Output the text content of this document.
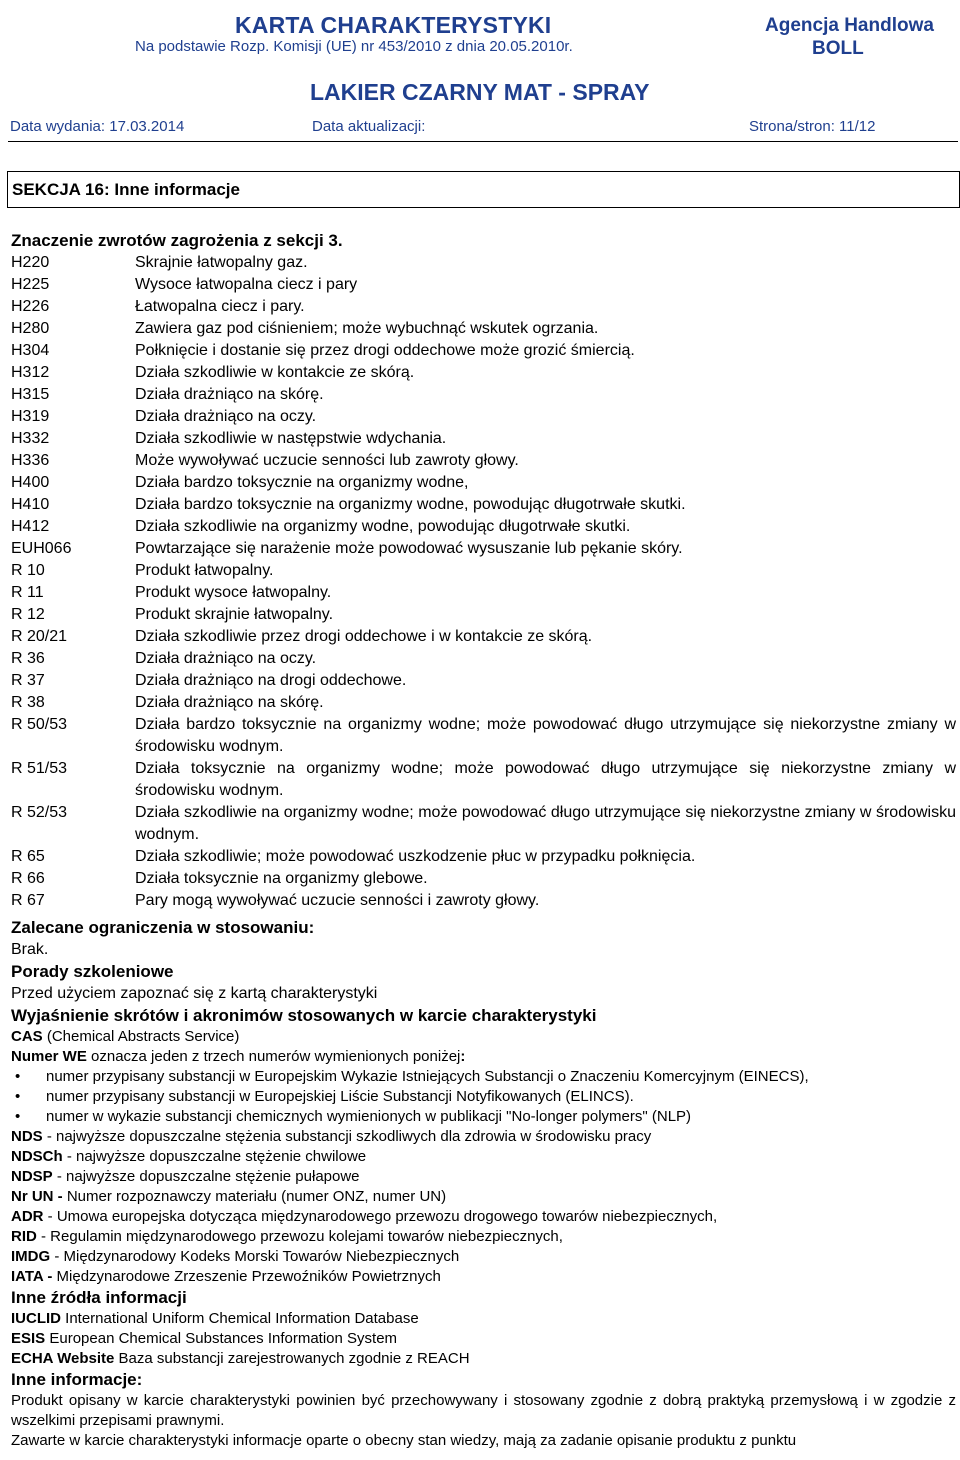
KARTA CHARAKTERYSTYKI
Na podstawie Rozp. Komisji (UE) nr 453/2010 z dnia 20.05.2010r.
Agencja Handlowa
BOLL
LAKIER CZARNY MAT - SPRAY
Data wydania: 17.03.2014	Data aktualizacji:	Strona/stron: 11/12
SEKCJA 16: Inne informacje
Znaczenie zwrotów zagrożenia z sekcji 3.
H220	Skrajnie łatwopalny gaz.
H225	Wysoce łatwopalna ciecz i pary
H226	Łatwopalna ciecz i pary.
H280	Zawiera gaz pod ciśnieniem; może wybuchnąć wskutek ogrzania.
H304	Połknięcie i dostanie się przez drogi oddechowe może grozić śmiercią.
H312	Działa szkodliwie w kontakcie ze skórą.
H315	Działa drażniąco na skórę.
H319	Działa drażniąco na oczy.
H332	Działa szkodliwie w następstwie wdychania.
H336	Może wywoływać uczucie senności lub zawroty głowy.
H400	Działa bardzo toksycznie na organizmy wodne,
H410	Działa bardzo toksycznie na organizmy wodne, powodując długotrwałe skutki.
H412	Działa szkodliwie na organizmy wodne, powodując długotrwałe skutki.
EUH066	Powtarzające się narażenie może powodować wysuszanie lub pękanie skóry.
R 10	Produkt łatwopalny.
R 11	Produkt wysoce łatwopalny.
R 12	Produkt skrajnie łatwopalny.
R 20/21	Działa szkodliwie przez drogi oddechowe i w kontakcie ze skórą.
R 36	Działa drażniąco na oczy.
R 37	Działa drażniąco na drogi oddechowe.
R 38	Działa drażniąco na skórę.
R 50/53	Działa bardzo toksycznie na organizmy wodne; może powodować długo utrzymujące się niekorzystne zmiany w środowisku wodnym.
R 51/53	Działa toksycznie na organizmy wodne; może powodować długo utrzymujące się niekorzystne zmiany w środowisku wodnym.
R 52/53	Działa szkodliwie na organizmy wodne; może powodować długo utrzymujące się niekorzystne zmiany w środowisku wodnym.
R 65	Działa szkodliwie; może powodować uszkodzenie płuc w przypadku połknięcia.
R 66	Działa toksycznie na organizmy glebowe.
R 67	Pary mogą wywoływać uczucie senności i zawroty głowy.
Zalecane ograniczenia w stosowaniu:
Brak.
Porady szkoleniowe
Przed użyciem zapoznać się z kartą charakterystyki
Wyjaśnienie skrótów i akronimów stosowanych w karcie charakterystyki
CAS (Chemical Abstracts Service)
Numer WE oznacza jeden z trzech numerów wymienionych poniżej:
• numer przypisany substancji w Europejskim Wykazie Istniejących Substancji o Znaczeniu Komercyjnym (EINECS),
• numer przypisany substancji w Europejskiej Liście Substancji Notyfikowanych (ELINCS).
• numer w wykazie substancji chemicznych wymienionych w publikacji "No-longer polymers" (NLP)
NDS - najwyższe dopuszczalne stężenia substancji szkodliwych dla zdrowia w środowisku pracy
NDSCh - najwyższe dopuszczalne stężenie chwilowe
NDSP - najwyższe dopuszczalne stężenie pułapowe
Nr UN - Numer rozpoznawczy materiału (numer ONZ, numer UN)
ADR - Umowa europejska dotycząca międzynarodowego przewozu drogowego towarów niebezpiecznych,
RID - Regulamin międzynarodowego przewozu kolejami towarów niebezpiecznych,
IMDG - Międzynarodowy Kodeks Morski Towarów Niebezpiecznych
IATA - Międzynarodowe Zrzeszenie Przewoźników Powietrznych
Inne źródła informacji
IUCLID International Uniform Chemical Information Database
ESIS European Chemical Substances Information System
ECHA Website Baza substancji zarejestrowanych zgodnie z REACH
Inne informacje:
Produkt opisany w karcie charakterystyki powinien być przechowywany i stosowany zgodnie z dobrą praktyką przemysłową i w zgodzie z wszelkimi przepisami prawnymi.
Zawarte w karcie charakterystyki informacje oparte o obecny stan wiedzy, mają za zadanie opisanie produktu z punktu
